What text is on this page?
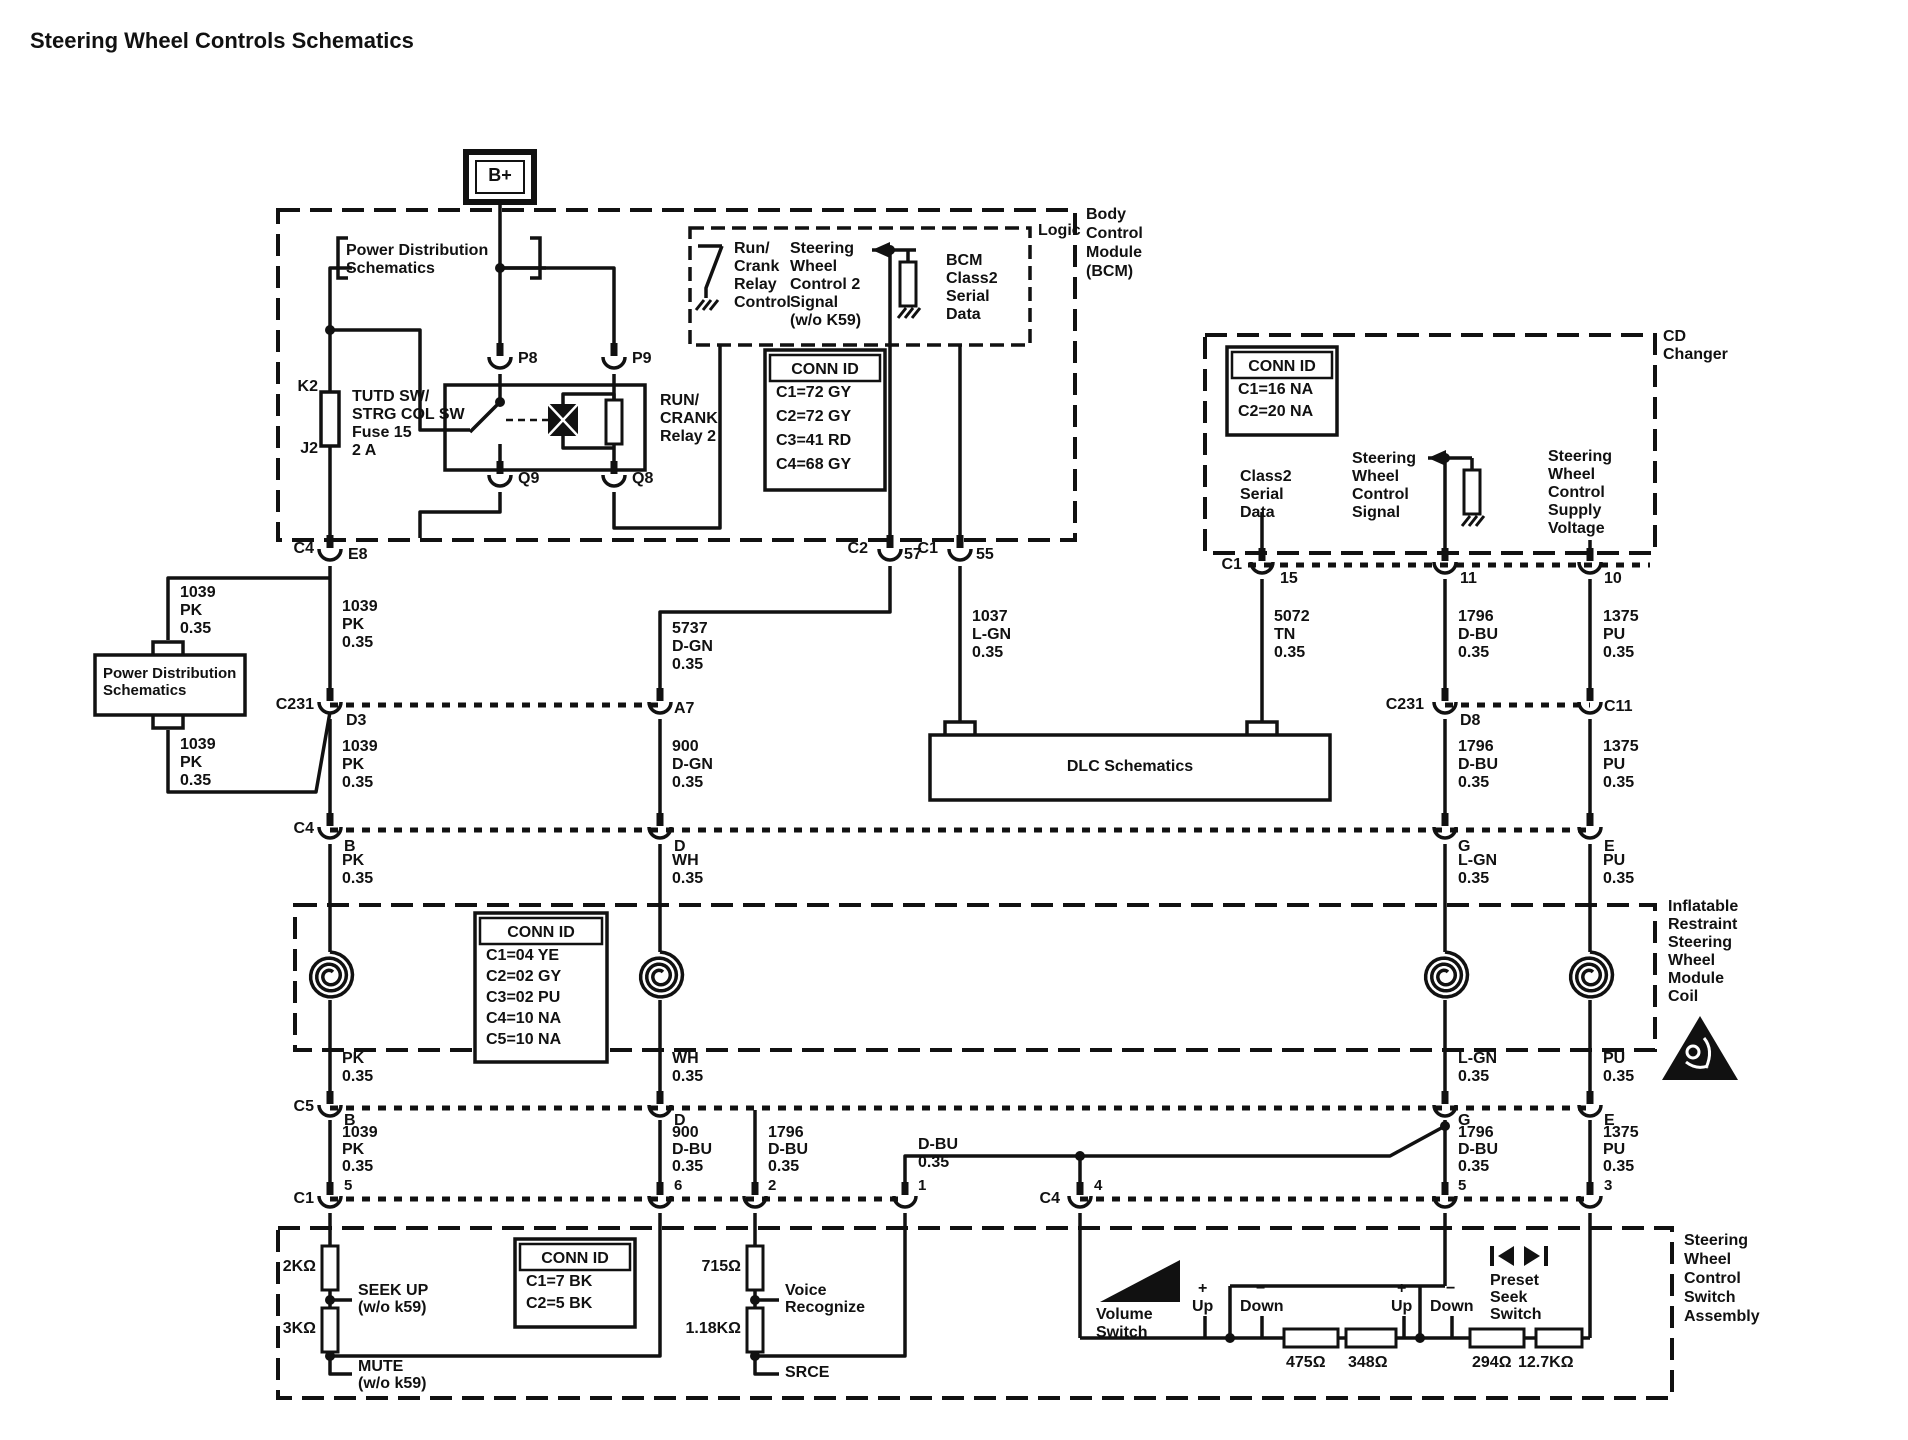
Steering Wheel Controls Schematics
CONN ID
C1=72 GY
C2=72 GY
C3=41 RD
C4=68 GY
CONN ID
C1=16 NA
C2=20 NA
CONN ID
C1=04 YE
C2=02 GY
C3=02 PU
C4=10 NA
C5=10 NA
CONN ID
C1=7 BK
C2=5 BK
B+
Power Distribution
Schematics
K2
J2
TUTD SW/
STRG COL SW
Fuse 15
2 A
P8	P9
Q9	Q8
RUN/
CRANK
Relay 2
Run/
Crank
Relay
Control
Steering
Wheel
Control 2
Signal
(w/o K59)
BCM
Class2
Serial
Data
Logic
Body
Control
Module
(BCM)
CD
Changer
Class2
Serial
Data
Steering
Wheel
Control
Signal
Steering
Wheel
Control
Supply
Voltage
DLC Schematics
Power Distribution
Schematics
Inflatable
Restraint
Steering
Wheel
Module
Coil
Steering
Wheel
Control
Switch
Assembly
1039
PK
0.35
1039
PK
0.35
1039
PK
0.35
5737
D-GN
0.35
1037
L-GN
0.35
5072
TN
0.35
1796
D-BU
0.35
1375
PU
0.35
1039
PK
0.35
900
D-GN
0.35
1796
D-BU
0.35
1375
PU
0.35
PK
0.35
WH
0.35
L-GN
0.35
PU
0.35
PK
0.35
WH
0.35
L-GN
0.35
PU
0.35
1039
PK
0.35
900
D-BU
0.35
1796
D-BU
0.35
D-BU
0.35
1796
D-BU
0.35
1375
PU
0.35
C4 E8	C2 57
C1 55
C1
15	11	10
C231
D3
A7	C231
D8
C11
C4
B	D	G	E
C5
B	D	G	E
C1
5	6	2	1
C4
4	5	3
2KΩ
3KΩ
SEEK UP
(w/o k59)
MUTE
(w/o k59)
715Ω
1.18KΩ
Voice
Recognize
SRCE
Volume
Switch
+
Up
−
Down
+
Up
−
Down
Preset
Seek
Switch
475Ω 348Ω	294Ω 12.7KΩ
